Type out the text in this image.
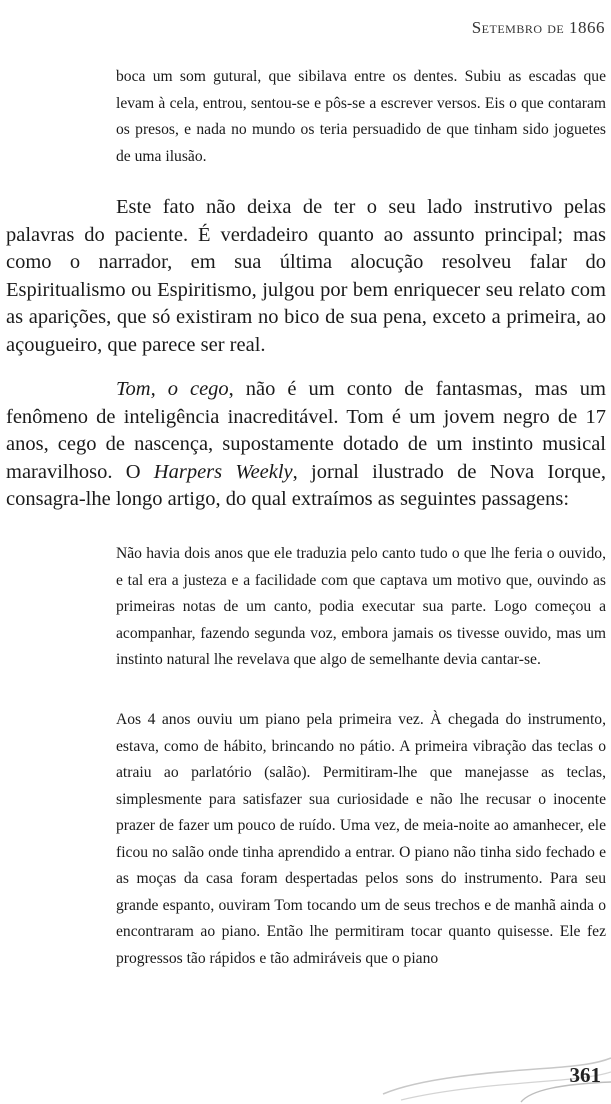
Setembro de 1866

boca um som gutural, que sibilava entre os dentes. Subiu as escadas que levam à cela, entrou, sentou-se e pôs-se a escrever versos. Eis o que contaram os presos, e nada no mundo os teria persuadido de que tinham sido joguetes de uma ilusão.

Este fato não deixa de ter o seu lado instrutivo pelas palavras do paciente. É verdadeiro quanto ao assunto principal; mas como o narrador, em sua última alocução resolveu falar do Espiritualismo ou Espiritismo, julgou por bem enriquecer seu relato com as aparições, que só existiram no bico de sua pena, exceto a primeira, ao açougueiro, que parece ser real.

Tom, o cego, não é um conto de fantasmas, mas um fenômeno de inteligência inacreditável. Tom é um jovem negro de 17 anos, cego de nascença, supostamente dotado de um instinto musical maravilhoso. O Harpers Weekly, jornal ilustrado de Nova Iorque, consagra-lhe longo artigo, do qual extraímos as seguintes passagens:

Não havia dois anos que ele traduzia pelo canto tudo o que lhe feria o ouvido, e tal era a justeza e a facilidade com que captava um motivo que, ouvindo as primeiras notas de um canto, podia executar sua parte. Logo começou a acompanhar, fazendo segunda voz, embora jamais os tivesse ouvido, mas um instinto natural lhe revelava que algo de semelhante devia cantar-se.

Aos 4 anos ouviu um piano pela primeira vez. À chegada do instrumento, estava, como de hábito, brincando no pátio. A primeira vibração das teclas o atraiu ao parlatório (salão). Permitiram-lhe que manejasse as teclas, simplesmente para satisfazer sua curiosidade e não lhe recusar o inocente prazer de fazer um pouco de ruído. Uma vez, de meia-noite ao amanhecer, ele ficou no salão onde tinha aprendido a entrar. O piano não tinha sido fechado e as moças da casa foram despertadas pelos sons do instrumento. Para seu grande espanto, ouviram Tom tocando um de seus trechos e de manhã ainda o encontraram ao piano. Então lhe permitiram tocar quanto quisesse. Ele fez progressos tão rápidos e tão admiráveis que o piano

361
